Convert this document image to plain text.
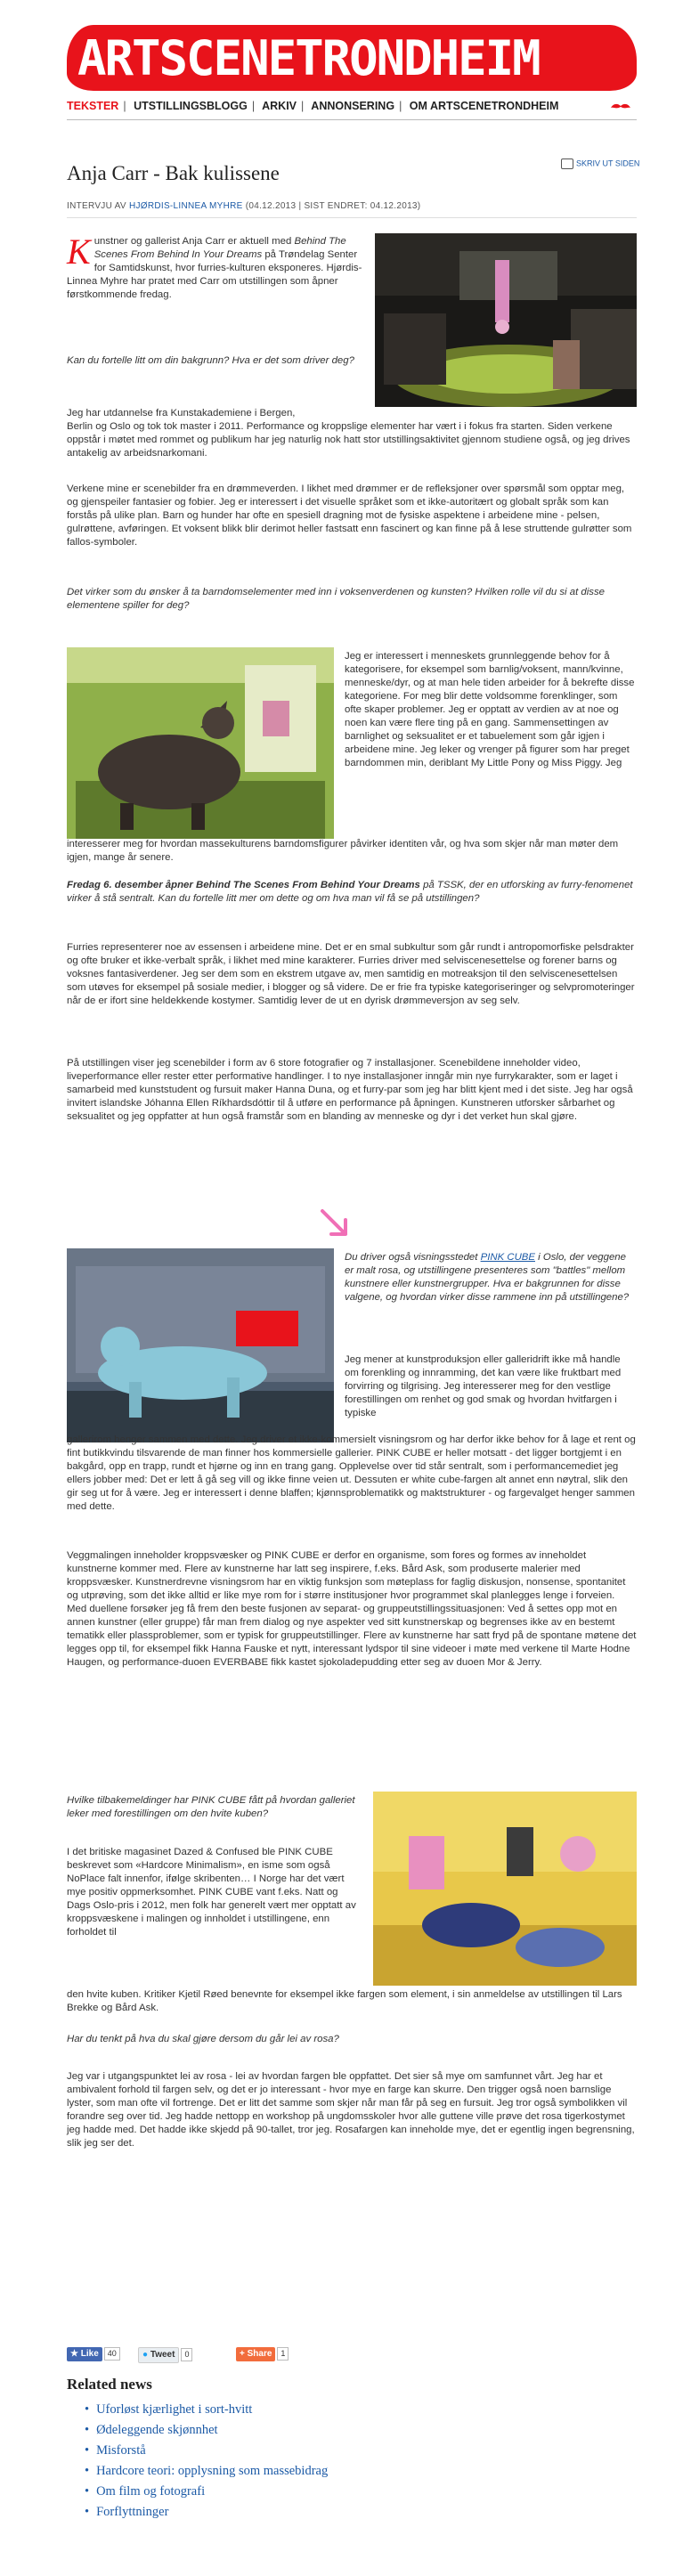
ARTSCENETRONDHEIM
TEKSTER | UTSTILLINGSBLOGG | ARKIV | ANNONSERING | OM ARTSCENETRONDHEIM
SKRIV UT SIDEN
Anja Carr - Bak kulissene
INTERVJU AV HJØRDIS-LINNEA MYHRE (04.12.2013 | SIST ENDRET: 04.12.2013)

Kunstner og gallerist Anja Carr er aktuell med Behind The Scenes From Behind In Your Dreams på Trøndelag Senter for Samtidskunst, hvor furries-kulturen eksponeres. Hjørdis-Linnea Myhre har pratet med Carr om utstillingen som åpner førstkommende fredag.

Kan du fortelle litt om din bakgrunn? Hva er det som driver deg?

Jeg har utdannelse fra Kunstakademiene i Bergen,

Berlin og Oslo og tok tok master i 2011. Performance og kroppslige elementer har vært i i fokus fra starten. Siden verkene oppstår i møtet med rommet og publikum har jeg naturlig nok hatt stor utstillingsaktivitet gjennom studiene også, og jeg drives antakelig av arbeidsnarkomani.

Verkene mine er scenebilder fra en drømmeverden. I likhet med drømmer er de refleksjoner over spørsmål som opptar meg, og gjenspeiler fantasier og fobier. Jeg er interessert i det visuelle språket som et ikke-autoritært og globalt språk som kan forstås på ulike plan. Barn og hunder har ofte en spesiell dragning mot de fysiske aspektene i arbeidene mine - pelsen, gulrøttene, avføringen. Et voksent blikk blir derimot heller fastsatt enn fascinert og kan finne på å lese struttende gulrøtter som fallos-symboler.

Det virker som du ønsker å ta barndomselementer med inn i voksenverdenen og kunsten? Hvilken rolle vil du si at disse elementene spiller for deg?

Jeg er interessert i menneskets grunnleggende behov for å kategorisere, for eksempel som barnlig/voksent, mann/kvinne, menneske/dyr, og at man hele tiden arbeider for å bekrefte disse kategoriene. For meg blir dette voldsomme forenklinger, som ofte skaper problemer. Jeg er opptatt av verdien av at noe og noen kan være flere ting på en gang. Sammensettingen av barnlighet og seksualitet er et tabuelement som går igjen i arbeidene mine. Jeg leker og vrenger på figurer som har preget barndommen min, deriblant My Little Pony og Miss Piggy. Jeg

interesserer meg for hvordan massekulturens barndomsfigurer påvirker identiten vår, og hva som skjer når man møter dem igjen, mange år senere.

Fredag 6. desember åpner Behind The Scenes From Behind Your Dreams på TSSK, der en utforsking av furry-fenomenet virker å stå sentralt. Kan du fortelle litt mer om dette og om hva man vil få se på utstillingen?

Furries representerer noe av essensen i arbeidene mine. Det er en smal subkultur som går rundt i antropomorfiske pelsdrakter og ofte bruker et ikke-verbalt språk, i likhet med mine karakterer. Furries driver med selviscenesettelse og forener barns og voksnes fantasiverdener. Jeg ser dem som en ekstrem utgave av, men samtidig en motreaksjon til den selviscenesettelsen som utøves for eksempel på sosiale medier, i blogger og så videre. De er frie fra typiske kategoriseringer og selvpromoteringer når de er ifort sine heldekkende kostymer. Samtidig lever de ut en dyrisk drømmeversjon av seg selv.

På utstillingen viser jeg scenebilder i form av 6 store fotografier og 7 installasjoner. Scenebildene inneholder video, liveperformance eller rester etter performative handlinger. I to nye installasjoner inngår min nye furrykarakter, som er laget i samarbeid med kunststudent og fursuit maker Hanna Duna, og et furry-par som jeg har blitt kjent med i det siste. Jeg har også invitert islandske Jóhanna Ellen Ríkhardsdóttir til å utføre en performance på åpningen. Kunstneren utforsker sårbarhet og seksualitet og jeg oppfatter at hun også framstår som en blanding av menneske og dyr i det verket hun skal gjøre.

Du driver også visningsstedet PINK CUBE i Oslo, der veggene er malt rosa, og utstillingene presenteres som "battles" mellom kunstnere eller kunstnergrupper. Hva er bakgrunnen for disse valgene, og hvordan virker disse rammene inn på utstillingene?

Jeg mener at kunstproduksjon eller galleridrift ikke må handle om forenkling og innramming, det kan være like fruktbart med forvirring og tilgrising. Jeg interesserer meg for den vestlige forestillingen om renhet og god smak og hvordan hvitfargen i typiske

gallerirom henger sammen med dette. Jeg driver et ikke-kommersielt visningsrom og har derfor ikke behov for å lage et rent og fint butikkvindu tilsvarende de man finner hos kommersielle gallerier. PINK CUBE er heller motsatt - det ligger bortgjemt i en bakgård, opp en trapp, rundt et hjørne og inn en trang gang. Opplevelse over tid står sentralt, som i performancemediet jeg ellers jobber med: Det er lett å gå seg vill og ikke finne veien ut. Dessuten er white cube-fargen alt annet enn nøytral, slik den gir seg ut for å være. Jeg er interessert i denne blaffen; kjønnsproblematikk og maktstrukturer - og fargevalget henger sammen med dette.

Veggmalingen inneholder kroppsvæsker og PINK CUBE er derfor en organisme, som fores og formes av inneholdet kunstnerne kommer med. Flere av kunstnerne har latt seg inspirere, f.eks. Bård Ask, som produserte malerier med kroppsvæsker. Kunstnerdrevne visningsrom har en viktig funksjon som møteplass for faglig diskusjon, nonsense, spontanitet og utprøving, som det ikke alltid er like mye rom for i større institusjoner hvor programmet skal planlegges lenge i forveien. Med duellene forsøker jeg få frem den beste fusjonen av separat- og gruppeutstillingssituasjonen: Ved å settes opp mot en annen kunstner (eller gruppe) får man frem dialog og nye aspekter ved sitt kunstnerskap og begrenses ikke av en bestemt tematikk eller plassproblemer, som er typisk for gruppeutstillinger. Flere av kunstnerne har satt fryd på de spontane møtene det legges opp til, for eksempel fikk Hanna Fauske et nytt, interessant lydspor til sine videoer i møte med verkene til Marte Hodne Haugen, og performance-duoen EVERBABE fikk kastet sjokoladepudding etter seg av duoen Mor & Jerry.

Hvilke tilbakemeldinger har PINK CUBE fått på hvordan galleriet leker med forestillingen om den hvite kuben?

I det britiske magasinet Dazed & Confused ble PINK CUBE beskrevet som «Hardcore Minimalism», en isme som også NoPlace falt innenfor, ifølge skribenten… I Norge har det vært mye positiv oppmerksomhet. PINK CUBE vant f.eks. Natt og Dags Oslo-pris i 2012, men folk har generelt vært mer opptatt av kroppsvæskene i malingen og innholdet i utstillingene, enn forholdet til

den hvite kuben. Kritiker Kjetil Røed benevnte for eksempel ikke fargen som element, i sin anmeldelse av utstillingen til Lars Brekke og Bård Ask.

Har du tenkt på hva du skal gjøre dersom du går lei av rosa?

Jeg var i utgangspunktet lei av rosa - lei av hvordan fargen ble oppfattet. Det sier så mye om samfunnet vårt. Jeg har et ambivalent forhold til fargen selv, og det er jo interessant - hvor mye en farge kan skurre. Den trigger også noen barnslige lyster, som man ofte vil fortrenge. Det er litt det samme som skjer når man får på seg en fursuit. Jeg tror også symbolikken vil forandre seg over tid. Jeg hadde nettopp en workshop på ungdomsskoler hvor alle guttene ville prøve det rosa tigerkostymet jeg hadde med. Det hadde ikke skjedd på 90-tallet, tror jeg. Rosafargen kan inneholde mye, det er egentlig ingen begrensning, slik jeg ser det.

★ Like 40	● Tweet 0	+ Share 1
Related news
• Uforløst kjærlighet i sort-hvitt
• Ødeleggende skjønnhet
• Misforstå
• Hardcore teori: opplysning som massebidrag
• Om film og fotografi
• Forflyttninger
